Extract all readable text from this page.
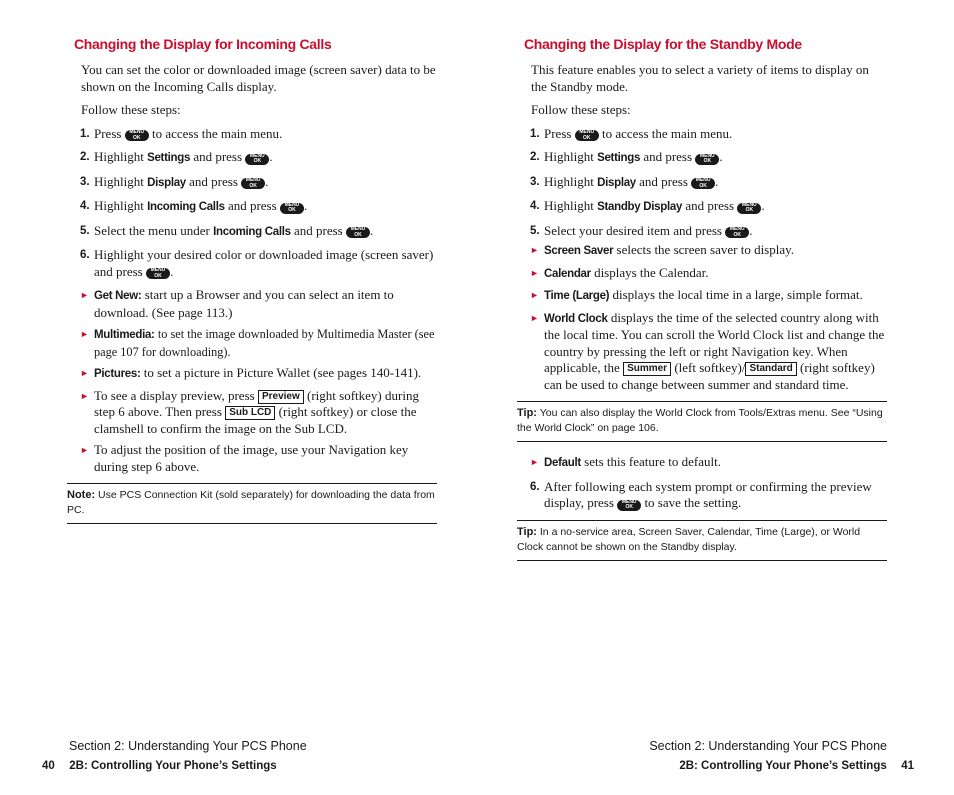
Changing the Display for Incoming Calls

You can set the color or downloaded image (screen saver) data to be shown on the Incoming Calls display.

Follow these steps:

1. Press	MENU
OK to access the main menu.
2. Highlight Settings and press	MENU
OK .
3. Highlight Display and press	MENU
OK .
4. Highlight Incoming Calls and press	MENU
OK .
5. Select the menu under Incoming Calls and press	MENU
OK .
6. Highlight your desired color or downloaded image (screen saver) and press	MENU
OK .
► Get New: start up a Browser and you can select an item to download. (See page 113.)
► Multimedia: to set the image downloaded by Multimedia Master (see page 107 for downloading).
► Pictures: to set a picture in Picture Wallet (see pages 140-141).
► To see a display preview, press Preview (right softkey) during step 6 above. Then press Sub LCD (right softkey) or close the clamshell to confirm the image on the Sub LCD.
► To adjust the position of the image, use your Navigation key during step 6 above.
Note: Use PCS Connection Kit (sold separately) for downloading the data from PC.
Changing the Display for the Standby Mode

This feature enables you to select a variety of items to display on the Standby mode.

Follow these steps:

1. Press	MENU
OK to access the main menu.
2. Highlight Settings and press	MENU
OK .
3. Highlight Display and press	MENU
OK .
4. Highlight Standby Display and press	MENU
OK .
5. Select your desired item and press	MENU
OK .
► Screen Saver selects the screen saver to display.
► Calendar displays the Calendar.
► Time (Large) displays the local time in a large, simple format.
► World Clock displays the time of the selected country along with the local time. You can scroll the World Clock list and change the country by pressing the left or right Navigation key. When applicable, the Summer (left softkey)/ Standard (right softkey) can be used to change between summer and standard time.
Tip: You can also display the World Clock from Tools/Extras menu. See “Using the World Clock” on page 106.
► Default sets this feature to default.
6. After following each system prompt or confirming the preview display, press	MENU
OK to save the setting.
Tip: In a no-service area, Screen Saver, Calendar, Time (Large), or World Clock cannot be shown on the Standby display.
Section 2: Understanding Your PCS Phone
40 2B: Controlling Your Phone’s Settings
Section 2: Understanding Your PCS Phone
2B: Controlling Your Phone’s Settings 41
